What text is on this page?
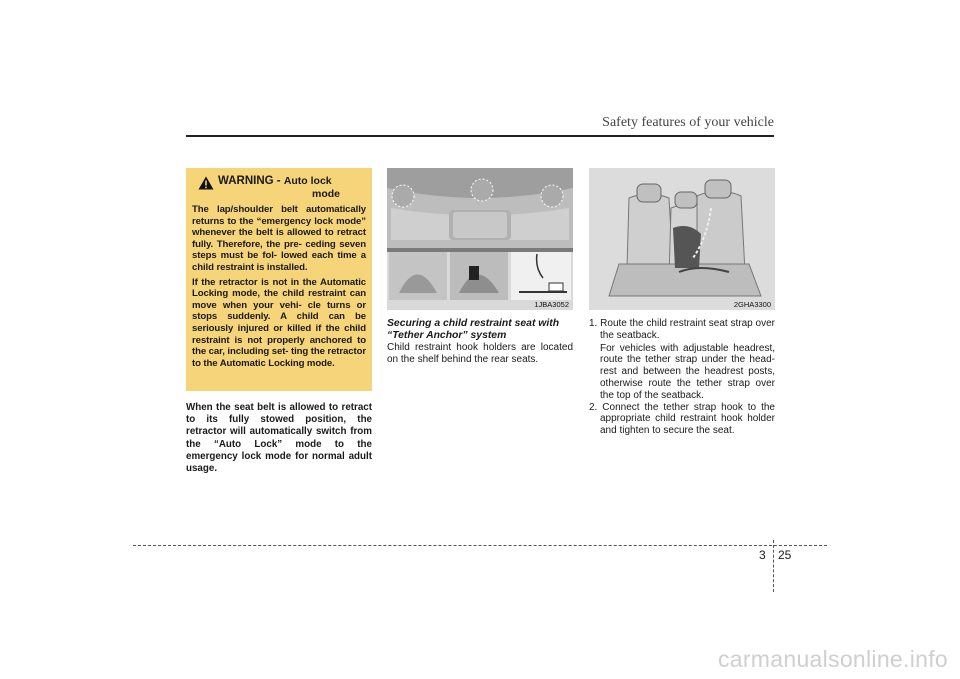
Safety features of your vehicle
WARNING - Auto lock
mode

The lap/shoulder belt automatically returns to the “emergency lock mode” whenever the belt is allowed to retract fully. Therefore, the pre- ceding seven steps must be fol- lowed each time a child restraint is installed.

If the retractor is not in the Automatic Locking mode, the child restraint can move when your vehi- cle turns or stops suddenly. A child can be seriously injured or killed if the child restraint is not properly anchored to the car, including set- ting the retractor to the Automatic Locking mode.

When the seat belt is allowed to retract to its fully stowed position, the retractor will automatically switch from the “Auto Lock” mode to the emergency lock mode for normal adult usage.
1JBA3052	2GHA3300
Securing a child restraint seat with
“Tether Anchor” system
Child restraint hook holders are located on the shelf behind the rear seats.
1. Route the child restraint seat strap over the seatback.
For vehicles with adjustable headrest, route the tether strap under the head- rest and between the headrest posts, otherwise route the tether strap over the top of the seatback.
2. Connect the tether strap hook to the appropriate child restraint hook holder and tighten to secure the seat.
3 25
carmanualsonline.info
